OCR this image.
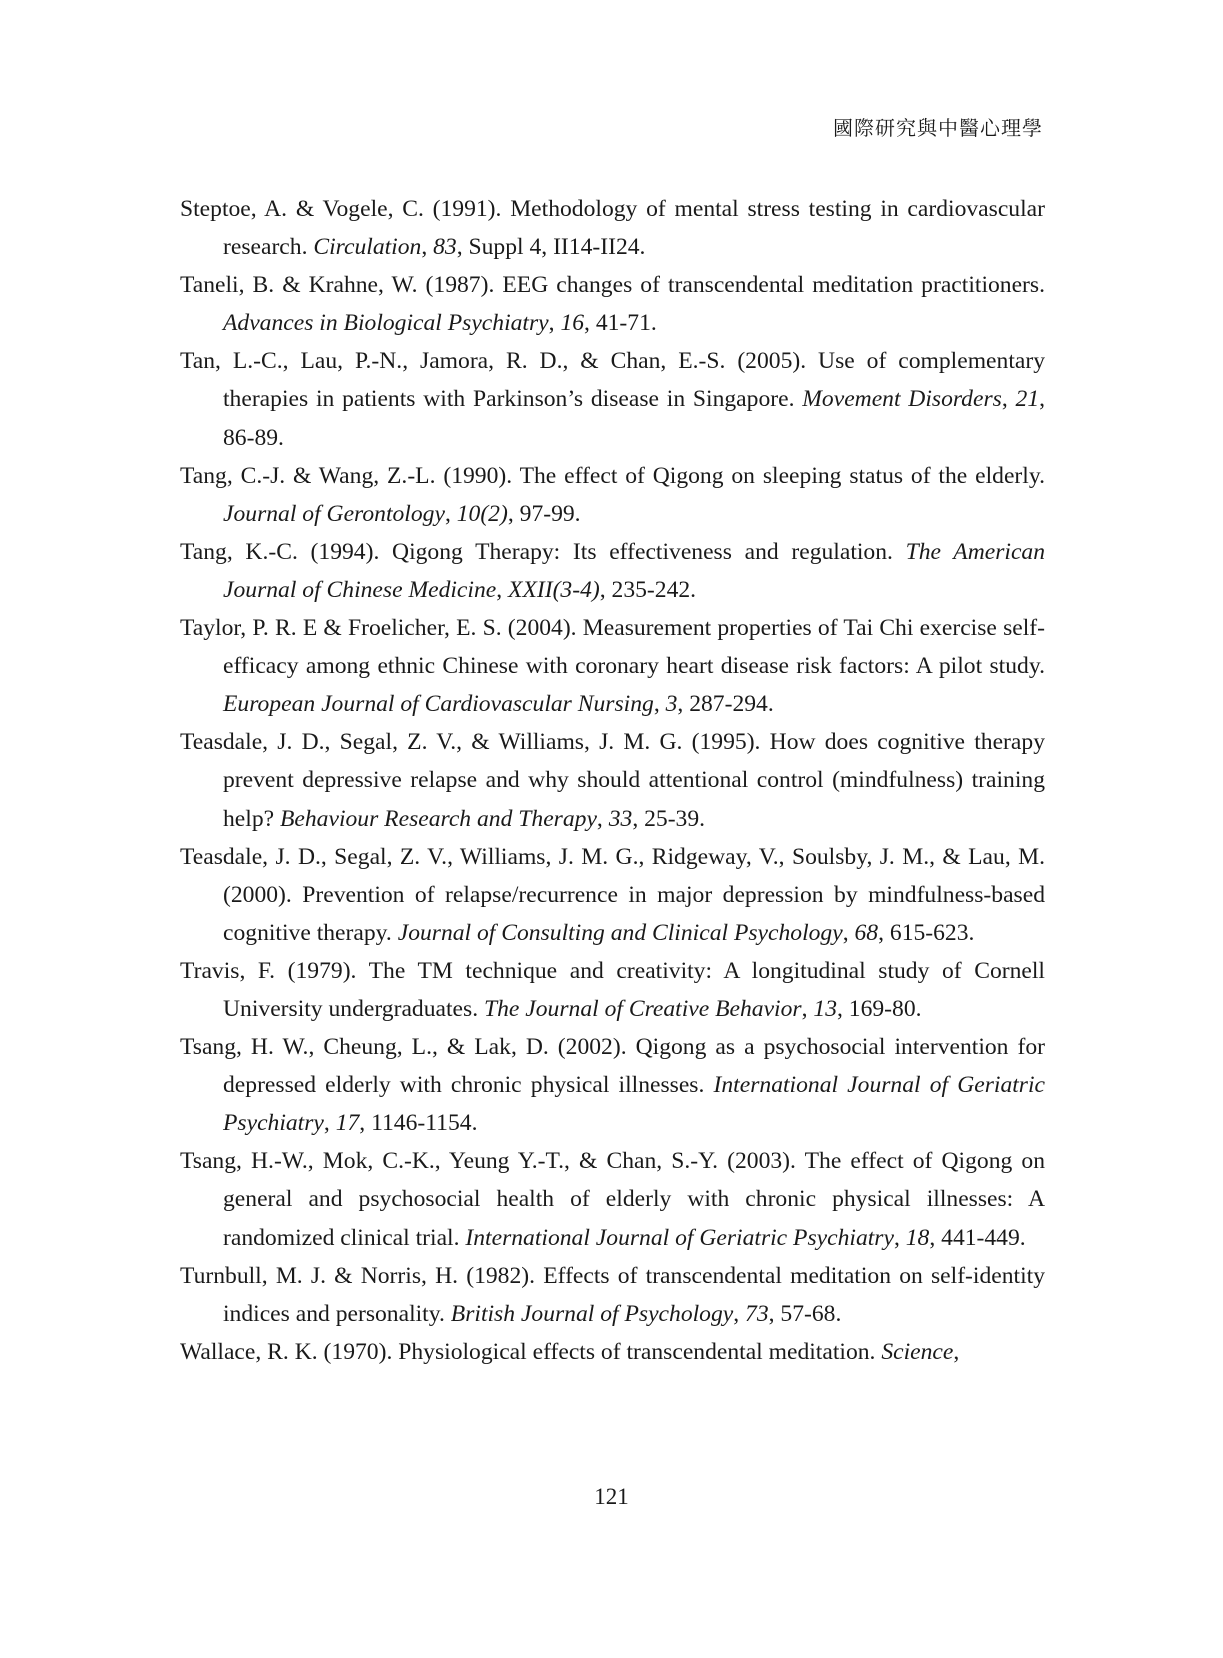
國際研究與中醫心理學

Steptoe, A. & Vogele, C. (1991). Methodology of mental stress testing in cardiovascular research. Circulation, 83, Suppl 4, II14-II24.

Taneli, B. & Krahne, W. (1987). EEG changes of transcendental meditation practitioners. Advances in Biological Psychiatry, 16, 41-71.

Tan, L.-C., Lau, P.-N., Jamora, R. D., & Chan, E.-S. (2005). Use of complementary therapies in patients with Parkinson’s disease in Singapore. Movement Disorders, 21, 86-89.

Tang, C.-J. & Wang, Z.-L. (1990). The effect of Qigong on sleeping status of the elderly. Journal of Gerontology, 10(2), 97-99.

Tang, K.-C. (1994). Qigong Therapy: Its effectiveness and regulation. The American Journal of Chinese Medicine, XXII(3-4), 235-242.

Taylor, P. R. E & Froelicher, E. S. (2004). Measurement properties of Tai Chi exercise self-efficacy among ethnic Chinese with coronary heart disease risk factors: A pilot study. European Journal of Cardiovascular Nursing, 3, 287-294.

Teasdale, J. D., Segal, Z. V., & Williams, J. M. G. (1995). How does cognitive therapy prevent depressive relapse and why should attentional control (mindfulness) training help? Behaviour Research and Therapy, 33, 25-39.

Teasdale, J. D., Segal, Z. V., Williams, J. M. G., Ridgeway, V., Soulsby, J. M., & Lau, M. (2000). Prevention of relapse/recurrence in major depression by mindfulness-based cognitive therapy. Journal of Consulting and Clinical Psychology, 68, 615-623.

Travis, F. (1979). The TM technique and creativity: A longitudinal study of Cornell University undergraduates. The Journal of Creative Behavior, 13, 169-80.

Tsang, H. W., Cheung, L., & Lak, D. (2002). Qigong as a psychosocial intervention for depressed elderly with chronic physical illnesses. International Journal of Geriatric Psychiatry, 17, 1146-1154.

Tsang, H.-W., Mok, C.-K., Yeung Y.-T., & Chan, S.-Y. (2003). The effect of Qigong on general and psychosocial health of elderly with chronic physical illnesses: A randomized clinical trial. International Journal of Geriatric Psychiatry, 18, 441-449.

Turnbull, M. J. & Norris, H. (1982). Effects of transcendental meditation on self-identity indices and personality. British Journal of Psychology, 73, 57-68.

Wallace, R. K. (1970). Physiological effects of transcendental meditation. Science,

121
